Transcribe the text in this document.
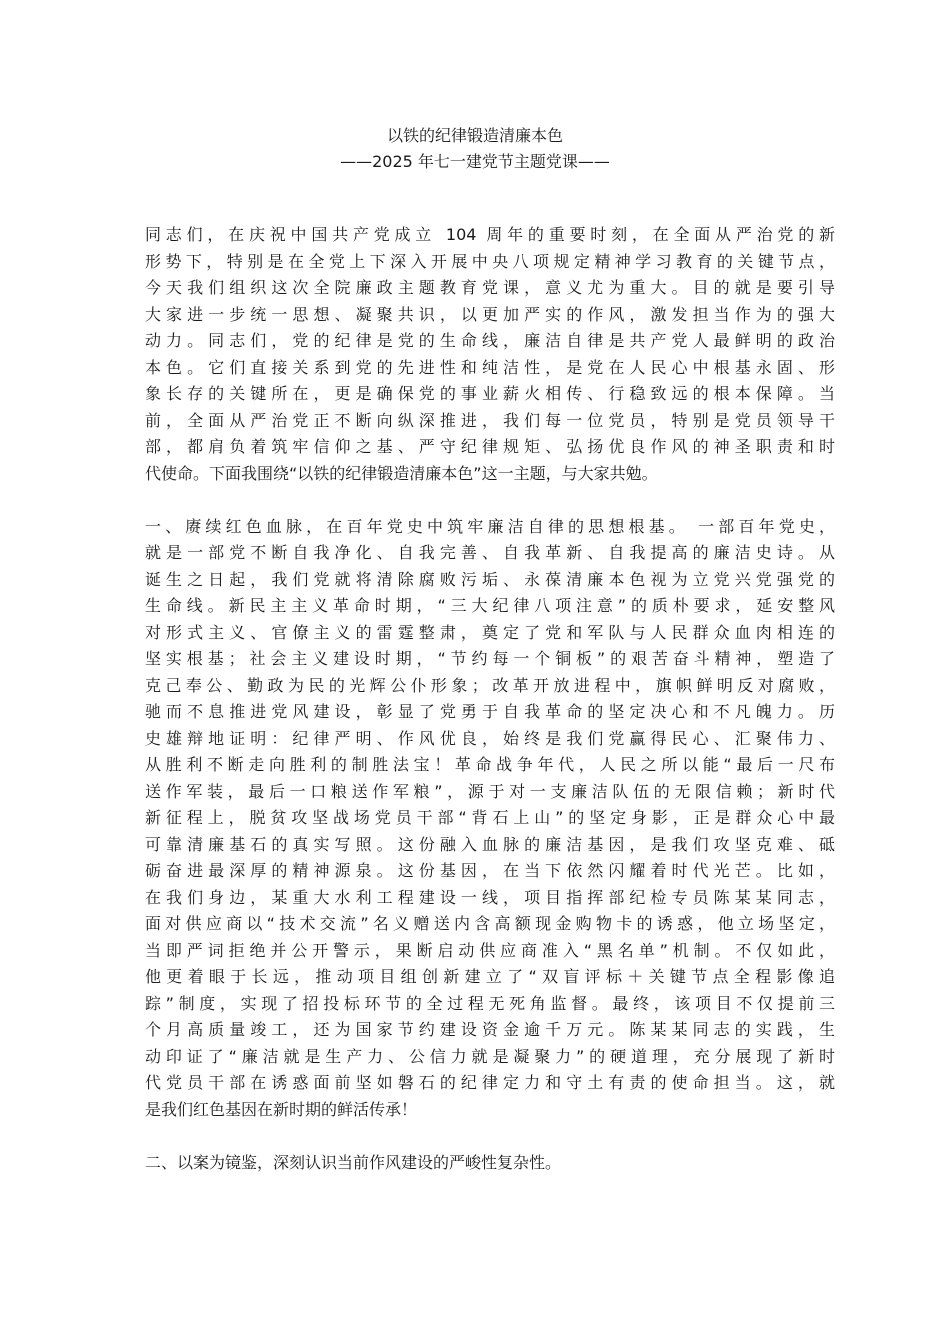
以铁的纪律锻造清廉本色
——2025 年七一建党节主题党课——
同志们，在庆祝中国共产党成立 104 周年的重要时刻，在全面从严治党的新
形势下，特别是在全党上下深入开展中央八项规定精神学习教育的关键节点，
今天我们组织这次全院廉政主题教育党课，意义尤为重大。目的就是要引导
大家进一步统一思想、凝聚共识，以更加严实的作风，激发担当作为的强大
动力。同志们，党的纪律是党的生命线，廉洁自律是共产党人最鲜明的政治
本色。它们直接关系到党的先进性和纯洁性，是党在人民心中根基永固、形
象长存的关键所在，更是确保党的事业薪火相传、行稳致远的根本保障。当
前，全面从严治党正不断向纵深推进，我们每一位党员，特别是党员领导干
部，都肩负着筑牢信仰之基、严守纪律规矩、弘扬优良作风的神圣职责和时
代使命。下面我围绕“以铁的纪律锻造清廉本色”这一主题，与大家共勉。
一、赓续红色血脉，在百年党史中筑牢廉洁自律的思想根基。 一部百年党史，
就是一部党不断自我净化、自我完善、自我革新、自我提高的廉洁史诗。从
诞生之日起，我们党就将清除腐败污垢、永葆清廉本色视为立党兴党强党的
生命线。新民主主义革命时期，“三大纪律八项注意”的质朴要求，延安整风
对形式主义、官僚主义的雷霆整肃，奠定了党和军队与人民群众血肉相连的
坚实根基；社会主义建设时期，“节约每一个铜板”的艰苦奋斗精神，塑造了
克己奉公、勤政为民的光辉公仆形象；改革开放进程中，旗帜鲜明反对腐败，
驰而不息推进党风建设，彰显了党勇于自我革命的坚定决心和不凡魄力。历
史雄辩地证明：纪律严明、作风优良，始终是我们党赢得民心、汇聚伟力、
从胜利不断走向胜利的制胜法宝！革命战争年代，人民之所以能“最后一尺布
送作军装，最后一口粮送作军粮”，源于对一支廉洁队伍的无限信赖；新时代
新征程上，脱贫攻坚战场党员干部“背石上山”的坚定身影，正是群众心中最
可靠清廉基石的真实写照。这份融入血脉的廉洁基因，是我们攻坚克难、砥
砺奋进最深厚的精神源泉。这份基因，在当下依然闪耀着时代光芒。比如，
在我们身边，某重大水利工程建设一线，项目指挥部纪检专员陈某某同志，
面对供应商以“技术交流”名义赠送内含高额现金购物卡的诱惑，他立场坚定，
当即严词拒绝并公开警示，果断启动供应商准入“黑名单”机制。不仅如此，
他更着眼于长远，推动项目组创新建立了“双盲评标＋关键节点全程影像追
踪”制度，实现了招投标环节的全过程无死角监督。最终，该项目不仅提前三
个月高质量竣工，还为国家节约建设资金逾千万元。陈某某同志的实践，生
动印证了“廉洁就是生产力、公信力就是凝聚力”的硬道理，充分展现了新时
代党员干部在诱惑面前坚如磐石的纪律定力和守土有责的使命担当。这，就
是我们红色基因在新时期的鲜活传承！
二、以案为镜鉴，深刻认识当前作风建设的严峻性复杂性。
